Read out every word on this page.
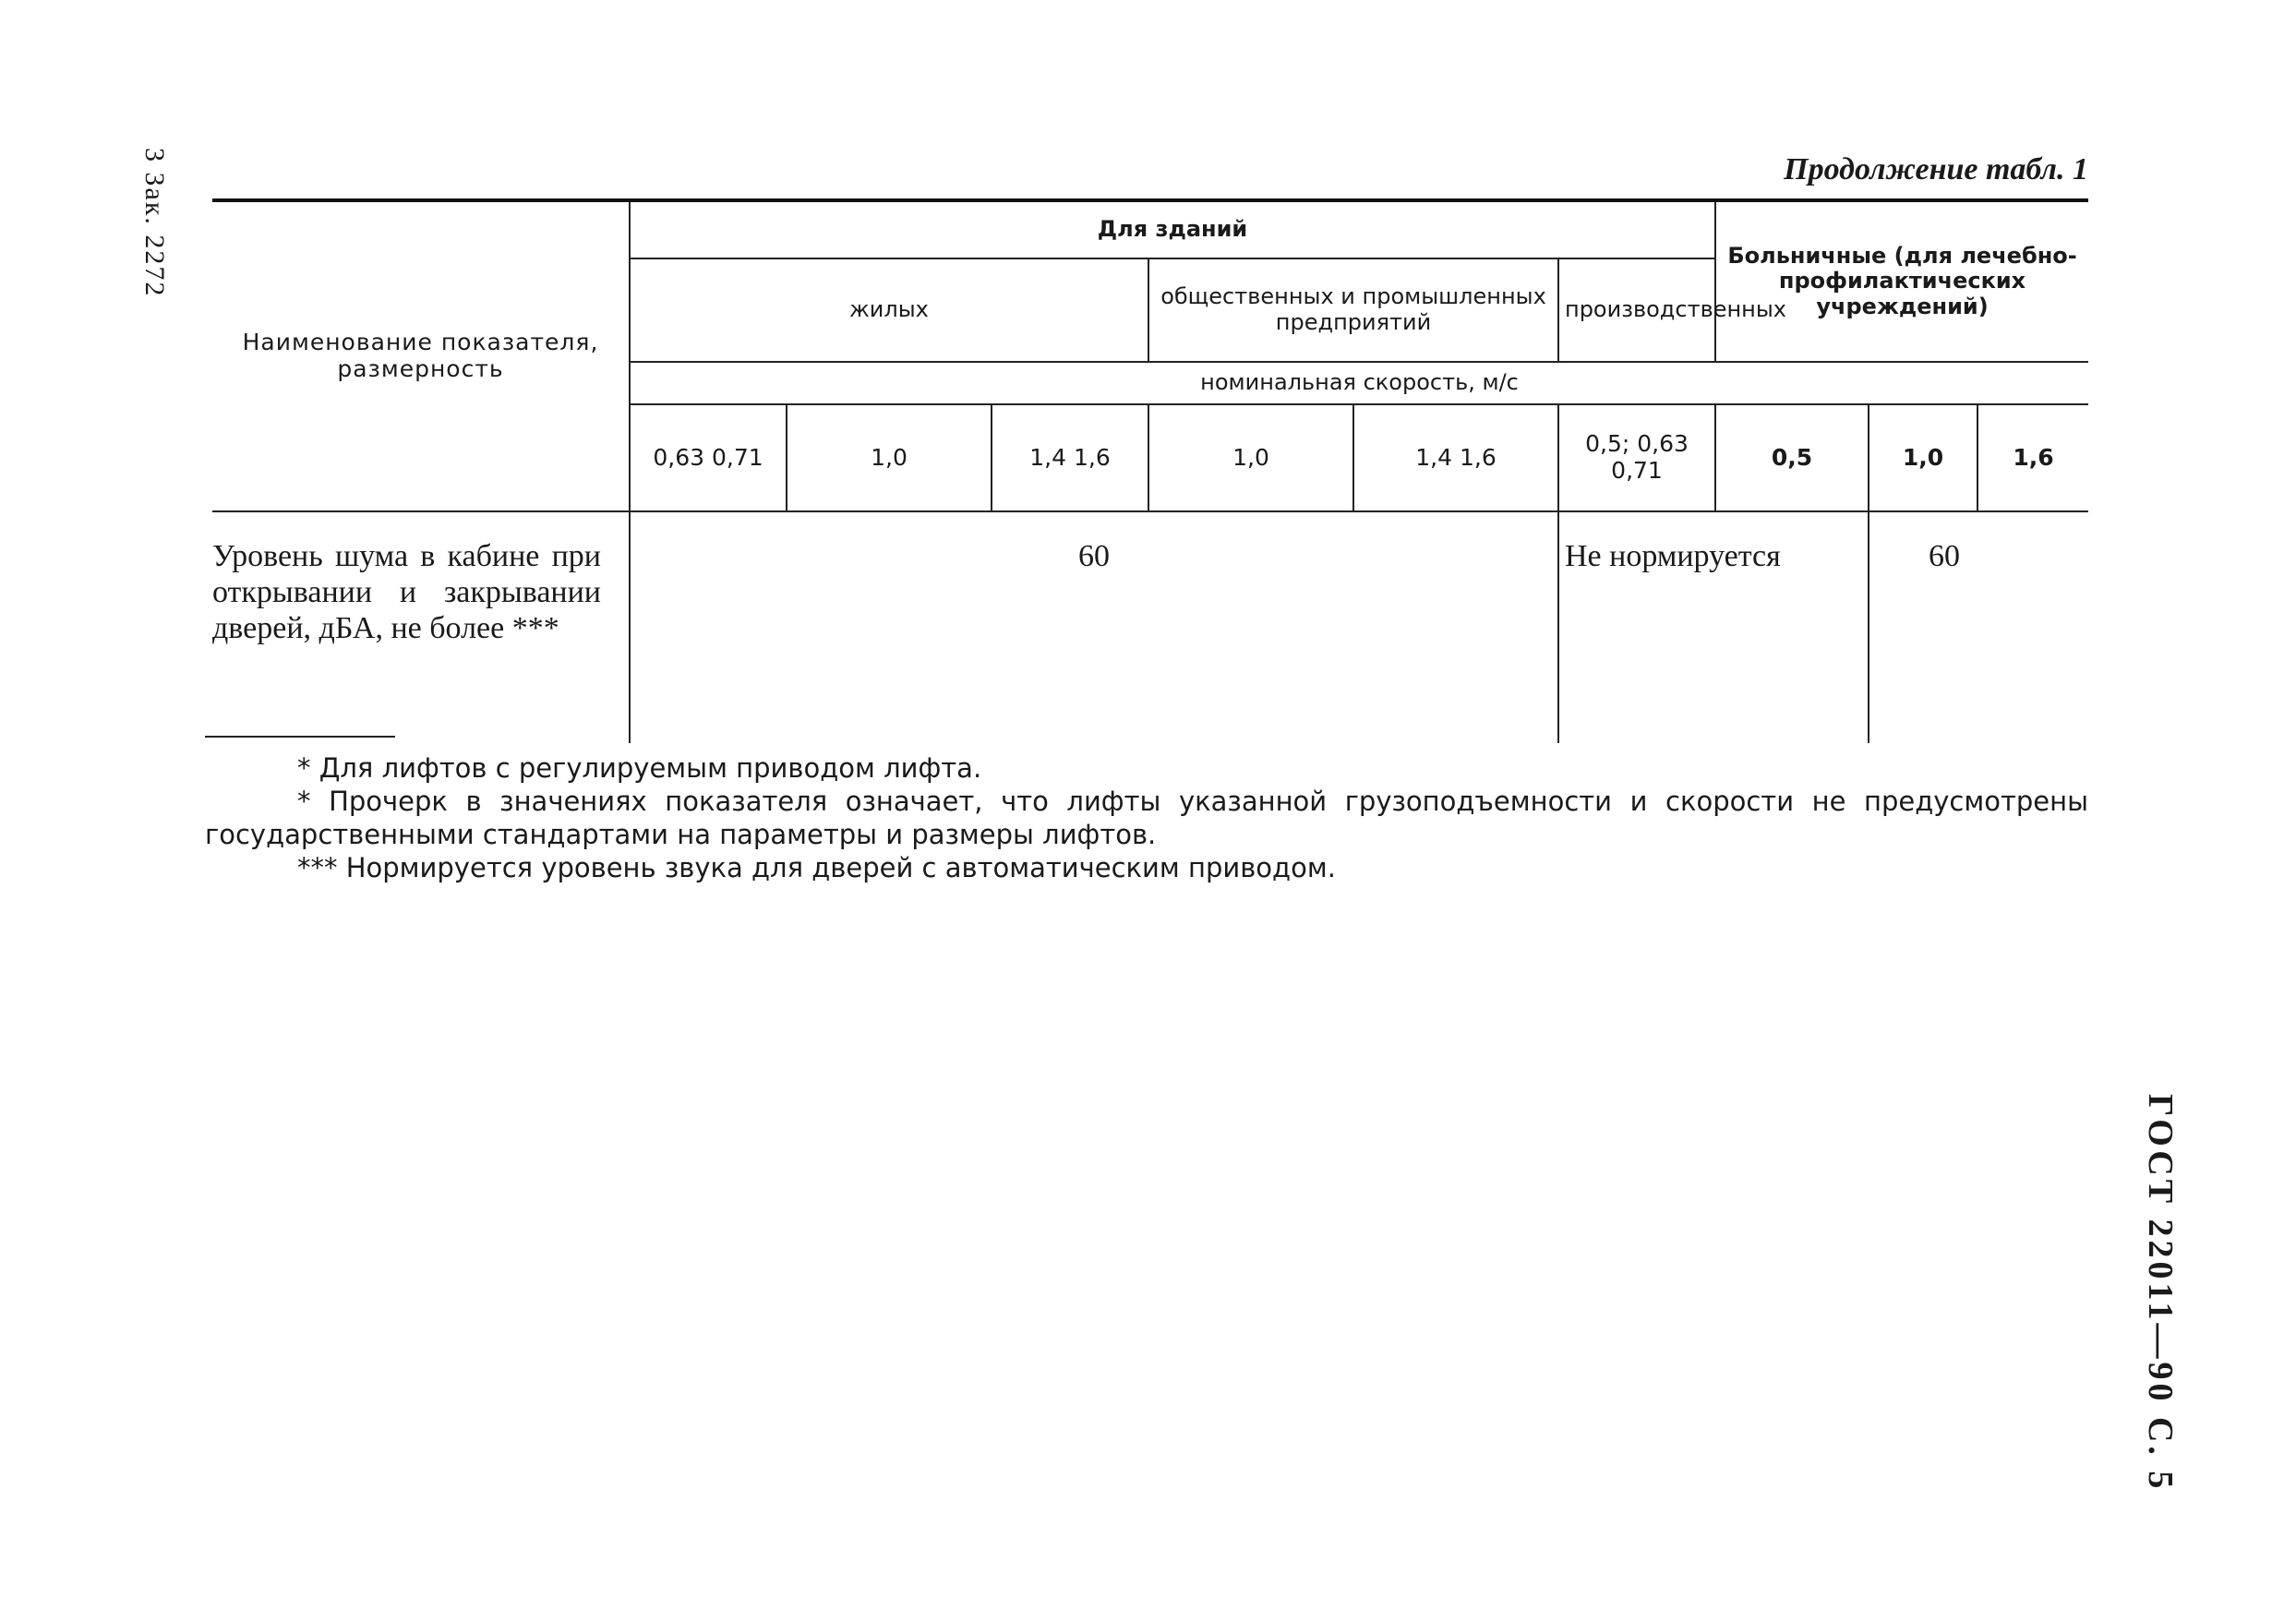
3 Зак. 2272
ГОСТ 22011—90 С. 5
Продолжение табл. 1
Наименование показателя, размерность	Для зданий						Больничные (для лечебно-профилактических учреждений)		
	жилых			общественных и промышленных предприятий		производственных			
	номинальная скорость, м/с								
	0,63 0,71	1,0	1,4 1,6	1,0	1,4 1,6	0,5; 0,63 0,71	0,5	1,0	1,6
Уровень шума в кабине при открывании и закрывании дверей, дБА, не более ***	60					Не нормируется		60	

* Для лифтов с регулируемым приводом лифта.

* Прочерк в значениях показателя означает, что лифты указанной грузоподъемности и скорости не предусмотрены государственными стандартами на параметры и размеры лифтов.

*** Нормируется уровень звука для дверей с автоматическим приводом.
